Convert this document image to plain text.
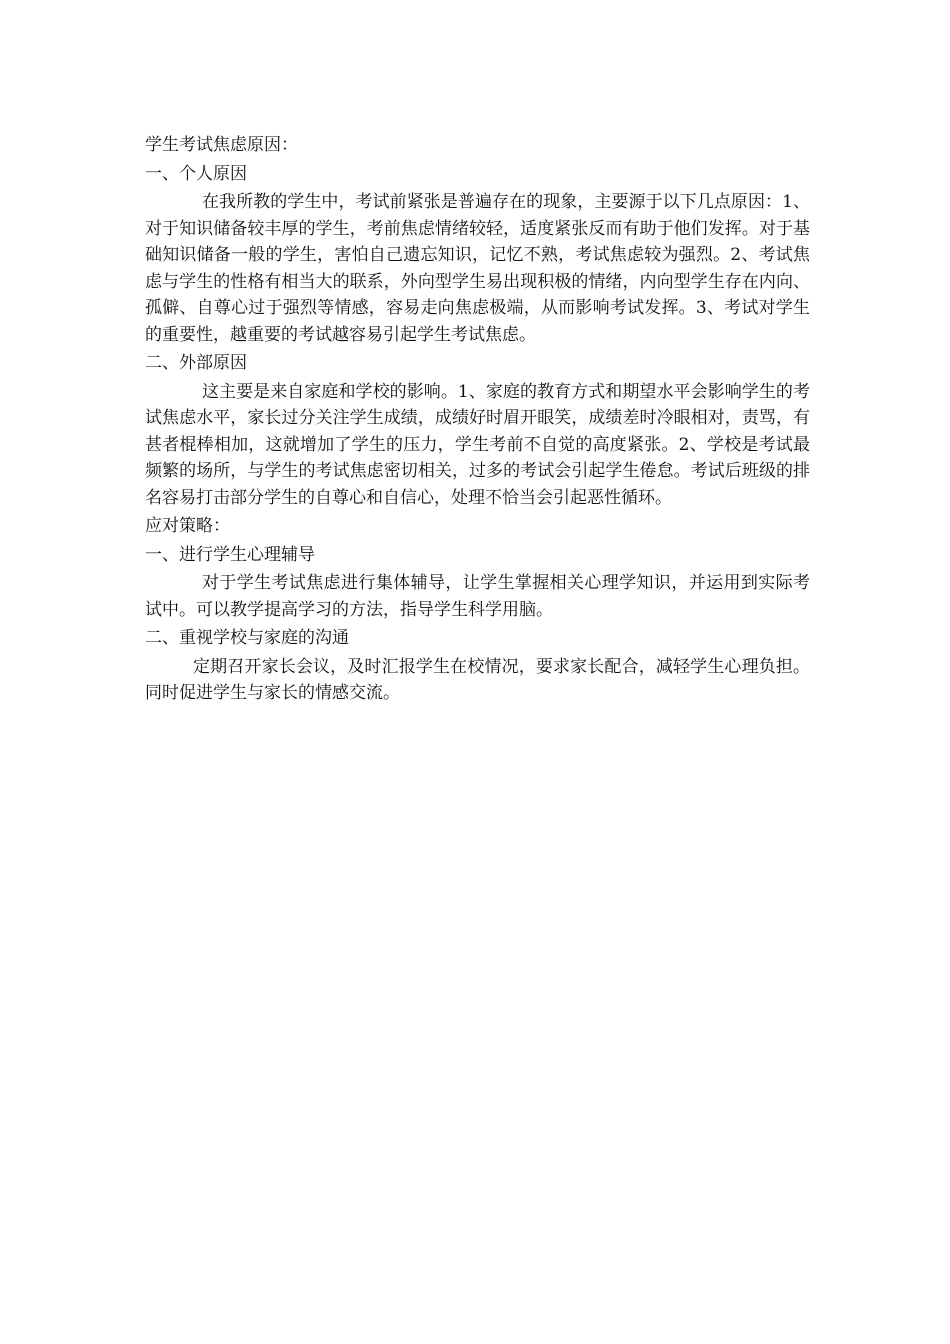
学生考试焦虑原因：

一、个人原因

在我所教的学生中，考试前紧张是普遍存在的现象，主要源于以下几点原因：1、对于知识储备较丰厚的学生，考前焦虑情绪较轻，适度紧张反而有助于他们发挥。对于基础知识储备一般的学生，害怕自己遗忘知识，记忆不熟，考试焦虑较为强烈。2、考试焦虑与学生的性格有相当大的联系，外向型学生易出现积极的情绪，内向型学生存在内向、孤僻、自尊心过于强烈等情感，容易走向焦虑极端，从而影响考试发挥。3、考试对学生的重要性，越重要的考试越容易引起学生考试焦虑。

二、外部原因

这主要是来自家庭和学校的影响。1、家庭的教育方式和期望水平会影响学生的考试焦虑水平，家长过分关注学生成绩，成绩好时眉开眼笑，成绩差时冷眼相对，责骂，有甚者棍棒相加，这就增加了学生的压力，学生考前不自觉的高度紧张。2、学校是考试最频繁的场所，与学生的考试焦虑密切相关，过多的考试会引起学生倦怠。考试后班级的排名容易打击部分学生的自尊心和自信心，处理不恰当会引起恶性循环。

应对策略：

一、进行学生心理辅导

对于学生考试焦虑进行集体辅导，让学生掌握相关心理学知识，并运用到实际考试中。可以教学提高学习的方法，指导学生科学用脑。

二、重视学校与家庭的沟通

定期召开家长会议，及时汇报学生在校情况，要求家长配合，减轻学生心理负担。同时促进学生与家长的情感交流。
